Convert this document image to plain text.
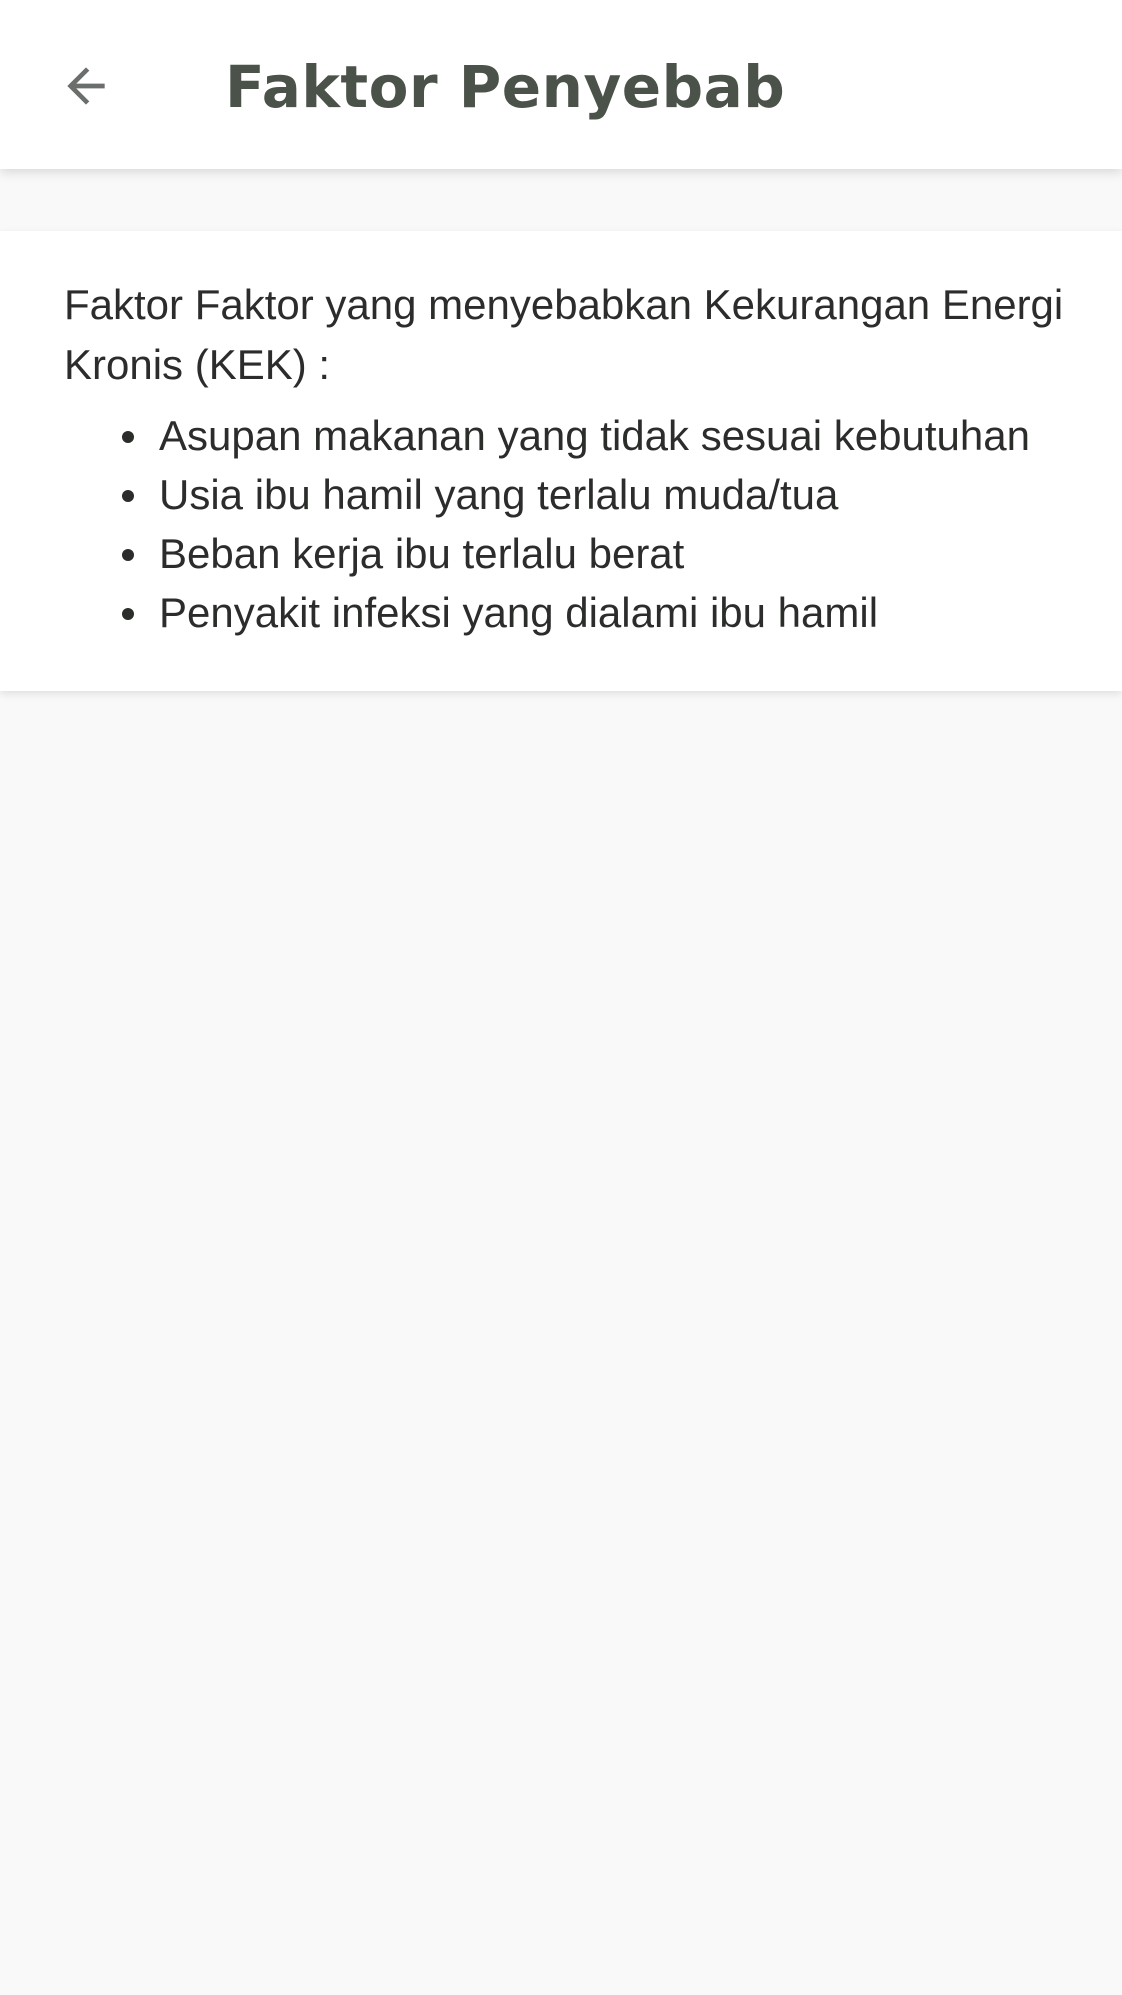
Faktor Penyebab

Faktor Faktor yang menyebabkan Kekurangan Energi Kronis (KEK) :

Asupan makanan yang tidak sesuai kebutuhan
Usia ibu hamil yang terlalu muda/tua
Beban kerja ibu terlalu berat
Penyakit infeksi yang dialami ibu hamil
